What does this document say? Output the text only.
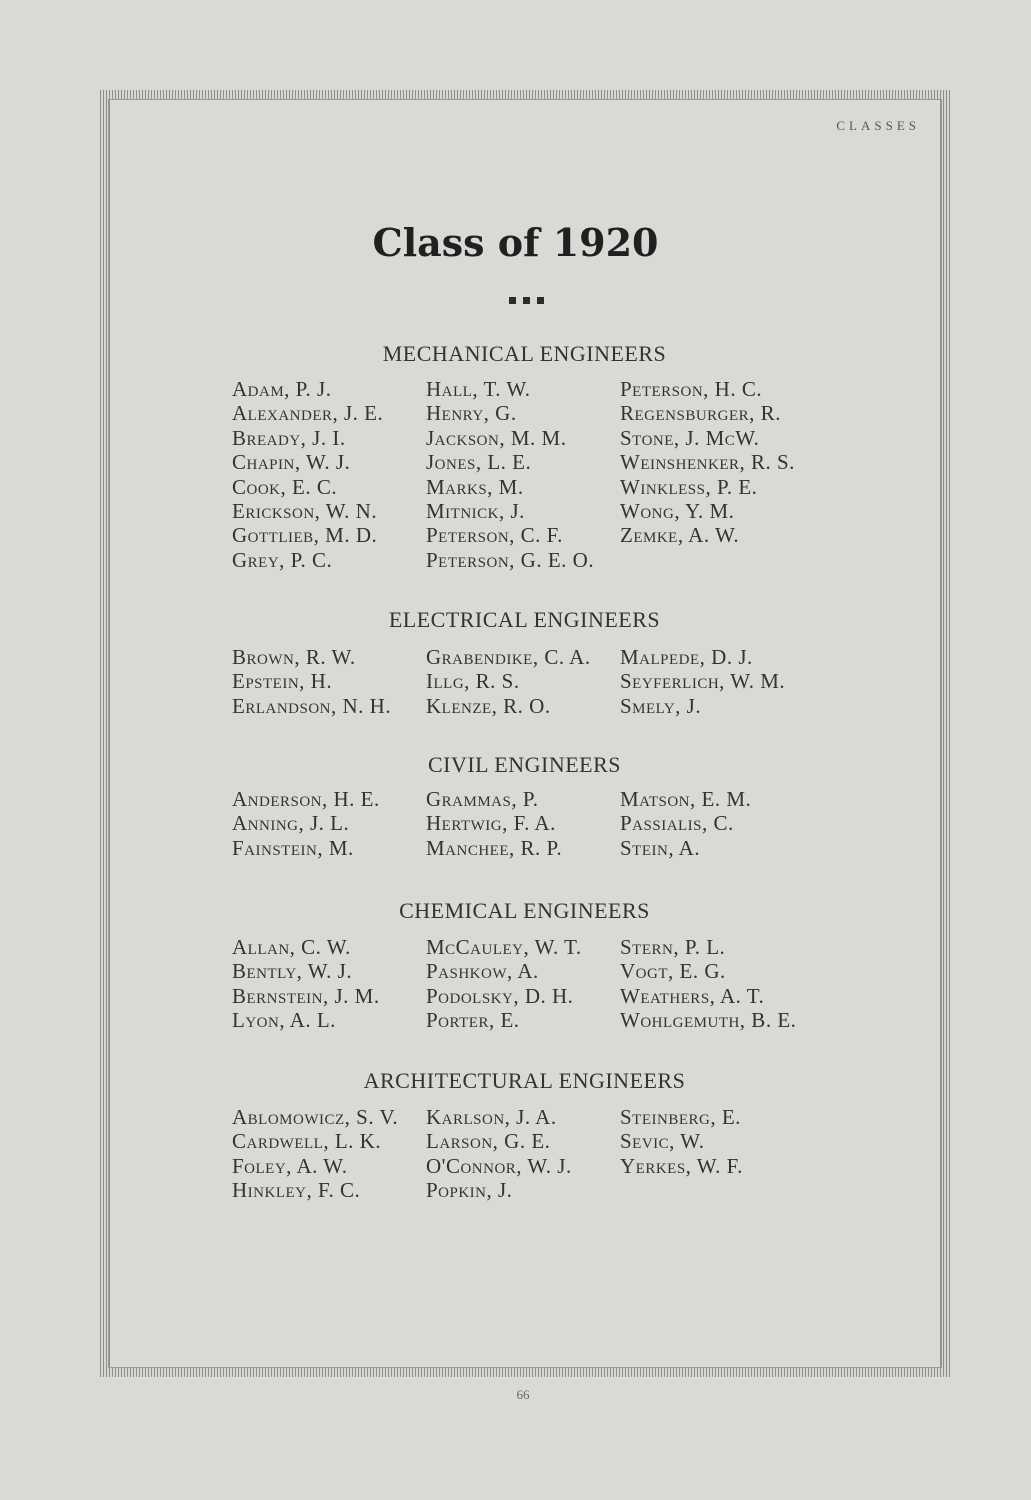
CLASSES
Class of 1920
MECHANICAL ENGINEERS
Adam, P. J.
Alexander, J. E.
Bready, J. I.
Chapin, W. J.
Cook, E. C.
Erickson, W. N.
Gottlieb, M. D.
Grey, P. C.
Hall, T. W.
Henry, G.
Jackson, M. M.
Jones, L. E.
Marks, M.
Mitnick, J.
Peterson, C. F.
Peterson, G. E. O.
Peterson, H. C.
Regensburger, R.
Stone, J. McW.
Weinshenker, R. S.
Winkless, P. E.
Wong, Y. M.
Zemke, A. W.
ELECTRICAL ENGINEERS
Brown, R. W.
Epstein, H.
Erlandson, N. H.
Grabendike, C. A.
Illg, R. S.
Klenze, R. O.
Malpede, D. J.
Seyferlich, W. M.
Smely, J.
CIVIL ENGINEERS
Anderson, H. E.
Anning, J. L.
Fainstein, M.
Grammas, P.
Hertwig, F. A.
Manchee, R. P.
Matson, E. M.
Passialis, C.
Stein, A.
CHEMICAL ENGINEERS
Allan, C. W.
Bently, W. J.
Bernstein, J. M.
Lyon, A. L.
McCauley, W. T.
Pashkow, A.
Podolsky, D. H.
Porter, E.
Stern, P. L.
Vogt, E. G.
Weathers, A. T.
Wohlgemuth, B. E.
ARCHITECTURAL ENGINEERS
Ablomowicz, S. V.
Cardwell, L. K.
Foley, A. W.
Hinkley, F. C.
Karlson, J. A.
Larson, G. E.
O'Connor, W. J.
Popkin, J.
Steinberg, E.
Sevic, W.
Yerkes, W. F.
66
